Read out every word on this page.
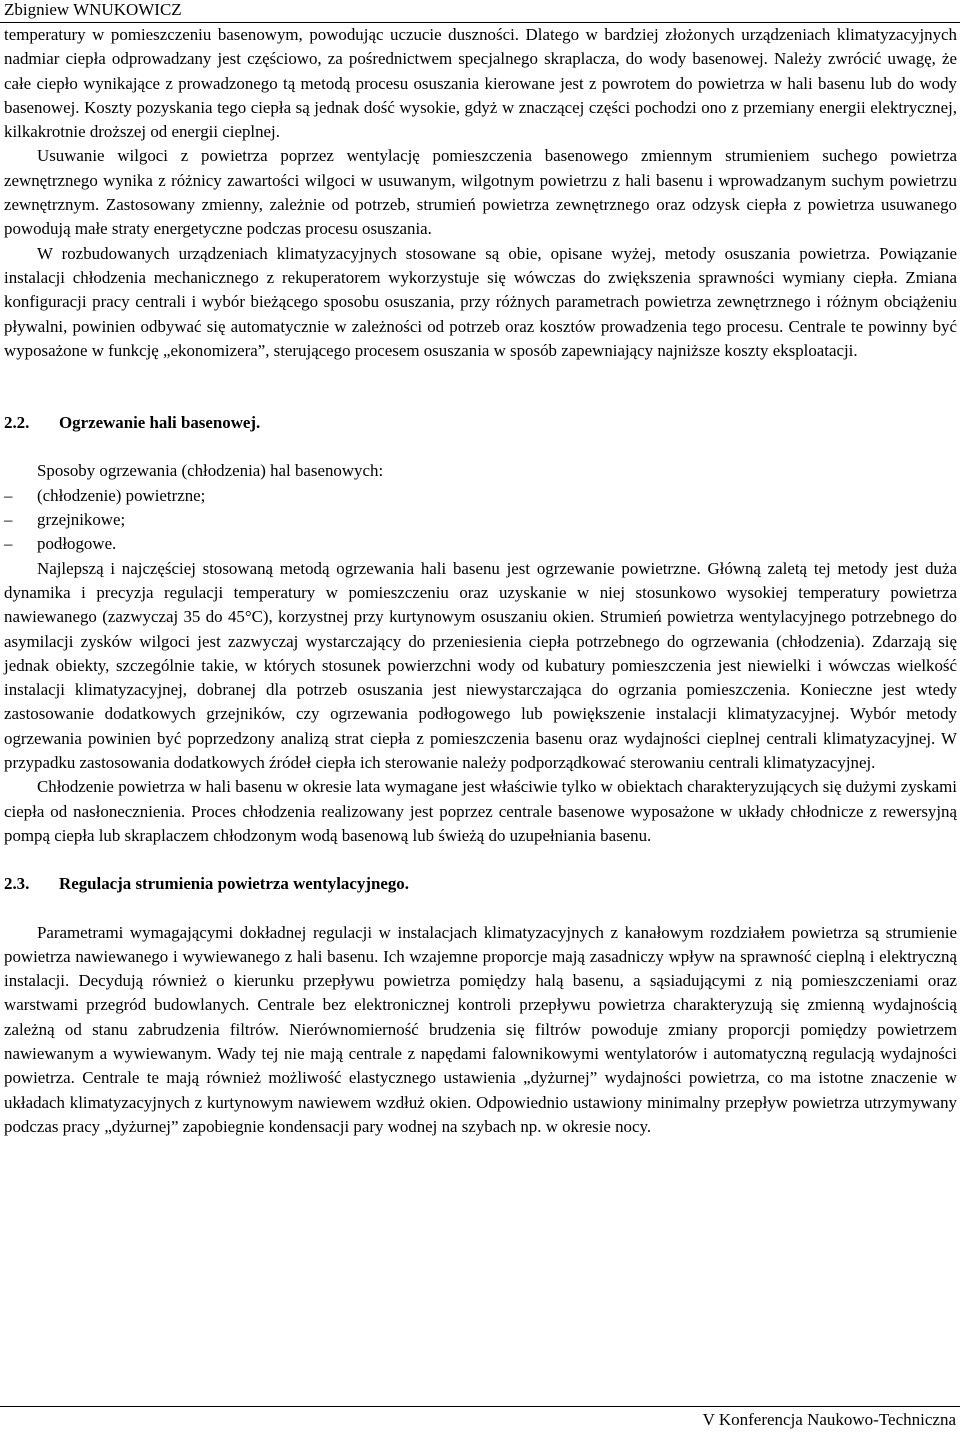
Zbigniew WNUKOWICZ

temperatury w pomieszczeniu basenowym, powodując uczucie duszności. Dlatego w bardziej złożonych urządzeniach klimatyzacyjnych nadmiar ciepła odprowadzany jest częściowo, za pośrednictwem specjalnego skraplacza, do wody basenowej. Należy zwrócić uwagę, że całe ciepło wynikające z prowadzonego tą metodą procesu osuszania kierowane jest z powrotem do powietrza w hali basenu lub do wody basenowej. Koszty pozyskania tego ciepła są jednak dość wysokie, gdyż w znaczącej części pochodzi ono z przemiany energii elektrycznej, kilkakrotnie droższej od energii cieplnej.

Usuwanie wilgoci z powietrza poprzez wentylację pomieszczenia basenowego zmiennym strumieniem suchego powietrza zewnętrznego wynika z różnicy zawartości wilgoci w usuwanym, wilgotnym powietrzu z hali basenu i wprowadzanym suchym powietrzu zewnętrznym. Zastosowany zmienny, zależnie od potrzeb, strumień powietrza zewnętrznego oraz odzysk ciepła z powietrza usuwanego powodują małe straty energetyczne podczas procesu osuszania.

W rozbudowanych urządzeniach klimatyzacyjnych stosowane są obie, opisane wyżej, metody osuszania powietrza. Powiązanie instalacji chłodzenia mechanicznego z rekuperatorem wykorzystuje się wówczas do zwiększenia sprawności wymiany ciepła. Zmiana konfiguracji pracy centrali i wybór bieżącego sposobu osuszania, przy różnych parametrach powietrza zewnętrznego i różnym obciążeniu pływalni, powinien odbywać się automatycznie w zależności od potrzeb oraz kosztów prowadzenia tego procesu. Centrale te powinny być wyposażone w funkcję „ekonomizera”, sterującego procesem osuszania w sposób zapewniający najniższe koszty eksploatacji.

2.2. Ogrzewanie hali basenowej.

Sposoby ogrzewania (chłodzenia) hal basenowych:

– (chłodzenie) powietrzne;
– grzejnikowe;
– podłogowe.

Najlepszą i najczęściej stosowaną metodą ogrzewania hali basenu jest ogrzewanie powietrzne. Główną zaletą tej metody jest duża dynamika i precyzja regulacji temperatury w pomieszczeniu oraz uzyskanie w niej stosunkowo wysokiej temperatury powietrza nawiewanego (zazwyczaj 35 do 45°C), korzystnej przy kurtynowym osuszaniu okien. Strumień powietrza wentylacyjnego potrzebnego do asymilacji zysków wilgoci jest zazwyczaj wystarczający do przeniesienia ciepła potrzebnego do ogrzewania (chłodzenia). Zdarzają się jednak obiekty, szczególnie takie, w których stosunek powierzchni wody od kubatury pomieszczenia jest niewielki i wówczas wielkość instalacji klimatyzacyjnej, dobranej dla potrzeb osuszania jest niewystarczająca do ogrzania pomieszczenia. Konieczne jest wtedy zastosowanie dodatkowych grzejników, czy ogrzewania podłogowego lub powiększenie instalacji klimatyzacyjnej. Wybór metody ogrzewania powinien być poprzedzony analizą strat ciepła z pomieszczenia basenu oraz wydajności cieplnej centrali klimatyzacyjnej. W przypadku zastosowania dodatkowych źródeł ciepła ich sterowanie należy podporządkować sterowaniu centrali klimatyzacyjnej.

Chłodzenie powietrza w hali basenu w okresie lata wymagane jest właściwie tylko w obiektach charakteryzujących się dużymi zyskami ciepła od nasłonecznienia. Proces chłodzenia realizowany jest poprzez centrale basenowe wyposażone w układy chłodnicze z rewersyjną pompą ciepła lub skraplaczem chłodzonym wodą basenową lub świeżą do uzupełniania basenu.

2.3. Regulacja strumienia powietrza wentylacyjnego.

Parametrami wymagającymi dokładnej regulacji w instalacjach klimatyzacyjnych z kanałowym rozdziałem powietrza są strumienie powietrza nawiewanego i wywiewanego z hali basenu. Ich wzajemne proporcje mają zasadniczy wpływ na sprawność cieplną i elektryczną instalacji. Decydują również o kierunku przepływu powietrza pomiędzy halą basenu, a sąsiadującymi z nią pomieszczeniami oraz warstwami przegród budowlanych. Centrale bez elektronicznej kontroli przepływu powietrza charakteryzują się zmienną wydajnością zależną od stanu zabrudzenia filtrów. Nierównomierność brudzenia się filtrów powoduje zmiany proporcji pomiędzy powietrzem nawiewanym a wywiewanym. Wady tej nie mają centrale z napędami falownikowymi wentylatorów i automatyczną regulacją wydajności powietrza. Centrale te mają również możliwość elastycznego ustawienia „dyżurnej” wydajności powietrza, co ma istotne znaczenie w układach klimatyzacyjnych z kurtynowym nawiewem wzdłuż okien. Odpowiednio ustawiony minimalny przepływ powietrza utrzymywany podczas pracy „dyżurnej” zapobiegnie kondensacji pary wodnej na szybach np. w okresie nocy.

V Konferencja Naukowo-Techniczna
